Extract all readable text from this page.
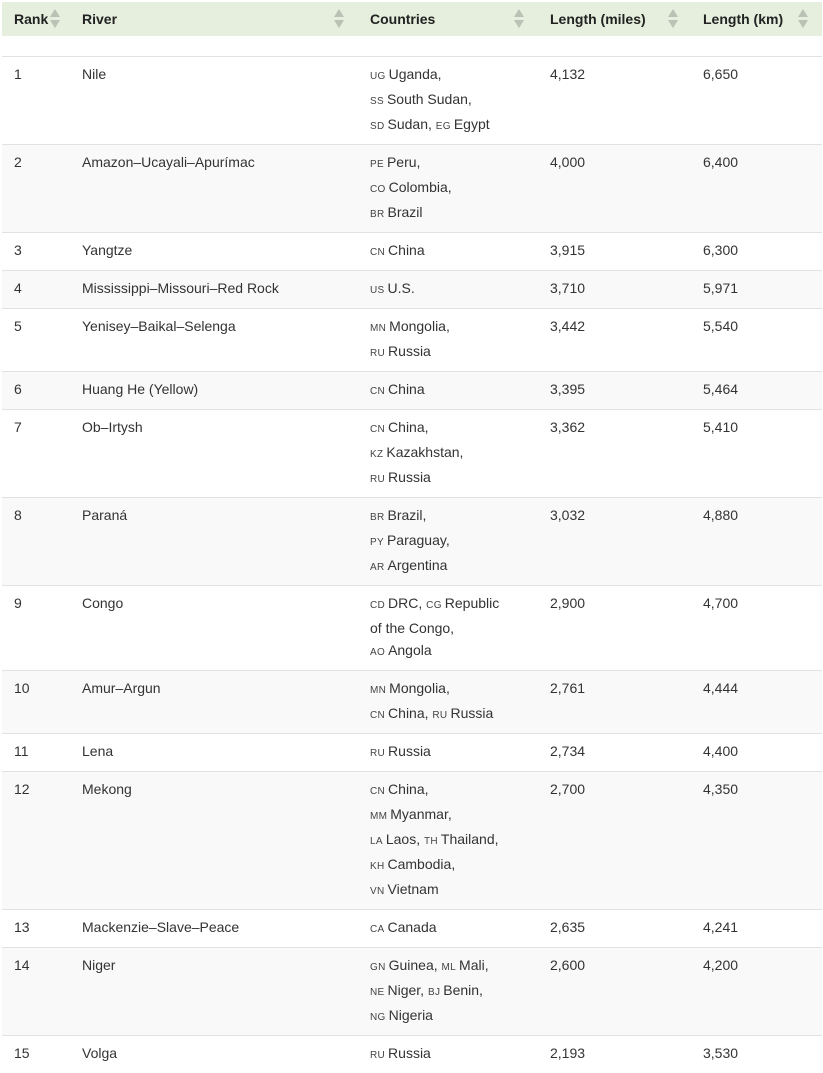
Rank	River	Countries	Length (miles)	Length (km)

1	Nile	UG Uganda,
SS South Sudan,
SD Sudan, EG Egypt	4,132	6,650
2	Amazon–Ucayali–Apurímac	PE Peru,
CO Colombia,
BR Brazil	4,000	6,400
3	Yangtze	CN China	3,915	6,300
4	Mississippi–Missouri–Red Rock	US U.S.	3,710	5,971
5	Yenisey–Baikal–Selenga	MN Mongolia,
RU Russia	3,442	5,540
6	Huang He (Yellow)	CN China	3,395	5,464
7	Ob–Irtysh	CN China,
KZ Kazakhstan,
RU Russia	3,362	5,410
8	Paraná	BR Brazil,
PY Paraguay,
AR Argentina	3,032	4,880
9	Congo	CD DRC, CG Republic
of the Congo,
AO Angola	2,900	4,700
10	Amur–Argun	MN Mongolia,
CN China, RU Russia	2,761	4,444
11	Lena	RU Russia	2,734	4,400
12	Mekong	CN China,
MM Myanmar,
LA Laos, TH Thailand,
KH Cambodia,
VN Vietnam	2,700	4,350
13	Mackenzie–Slave–Peace	CA Canada	2,635	4,241
14	Niger	GN Guinea, ML Mali,
NE Niger, BJ Benin,
NG Nigeria	2,600	4,200
15	Volga	RU Russia	2,193	3,530
